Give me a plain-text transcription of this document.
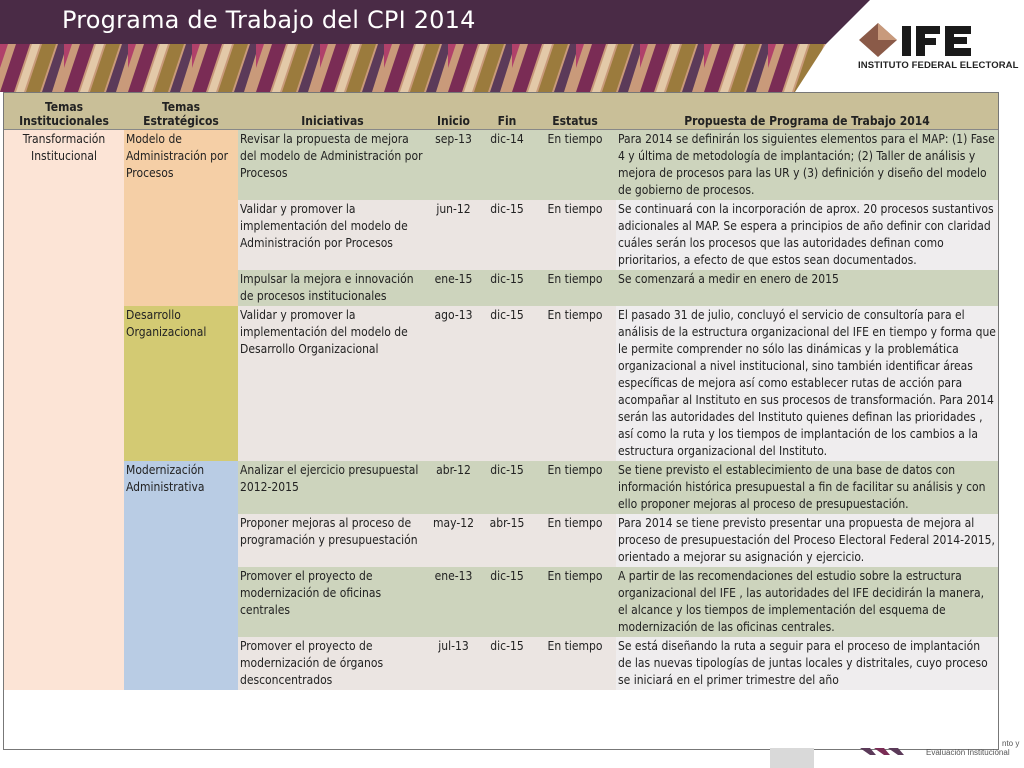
Programa de Trabajo del CPI 2014
INSTITUTO FEDERAL ELECTORAL
Temas Institucionales	Temas Estratégicos	Iniciativas	Inicio	Fin	Estatus	Propuesta de Programa de Trabajo 2014
Transformación Institucional	Modelo de Administración por Procesos	Revisar la propuesta de mejora del modelo de Administración por Procesos	sep-13	dic-14	En tiempo	Para 2014 se definirán los siguientes elementos para el MAP: (1) Fase 4 y última de metodología de implantación; (2) Taller de análisis y mejora de procesos para las UR y (3) definición y diseño del modelo de gobierno de procesos.
		Validar y promover la implementación del modelo de Administración por Procesos	jun-12	dic-15	En tiempo	Se continuará con la incorporación de aprox. 20 procesos sustantivos adicionales al MAP. Se espera a principios de año definir con claridad cuáles serán los procesos que las autoridades definan como prioritarios, a efecto de que estos sean documentados.
		Impulsar la mejora e innovación de procesos institucionales	ene-15	dic-15	En tiempo	Se comenzará a medir en enero de 2015
	Desarrollo Organizacional	Validar y promover la implementación del modelo de Desarrollo Organizacional	ago-13	dic-15	En tiempo	El pasado 31 de julio, concluyó el servicio de consultoría para el análisis de la estructura organizacional del IFE en tiempo y forma que le permite comprender no sólo las dinámicas y la problemática organizacional a nivel institucional, sino también identificar áreas específicas de mejora así como establecer rutas de acción para acompañar al Instituto en sus procesos de transformación. Para 2014 serán las autoridades del Instituto quienes definan las prioridades , así como la ruta y los tiempos de implantación de los cambios a la estructura organizacional del Instituto.
	Modernización Administrativa	Analizar el ejercicio presupuestal 2012-2015	abr-12	dic-15	En tiempo	Se tiene previsto el establecimiento de una base de datos con información histórica presupuestal a fin de facilitar su análisis y con ello proponer mejoras al proceso de presupuestación.
		Proponer mejoras al proceso de programación y presupuestación	may-12	abr-15	En tiempo	Para 2014 se tiene previsto presentar una propuesta de mejora al proceso de presupuestación del Proceso Electoral Federal 2014-2015, orientado a mejorar su asignación y ejercicio.
		Promover el proyecto de modernización de oficinas centrales	ene-13	dic-15	En tiempo	A partir de las recomendaciones del estudio sobre la estructura organizacional del IFE , las autoridades del IFE decidirán la manera, el alcance y los tiempos de implementación del esquema de modernización de las oficinas centrales.
		Promover el proyecto de modernización de órganos desconcentrados	jul-13	dic-15	En tiempo	Se está diseñando la ruta a seguir para el proceso de implantación de las nuevas tipologías de juntas locales y distritales, cuyo proceso se iniciará en el primer trimestre del año
Evaluación Institucional
nto y
